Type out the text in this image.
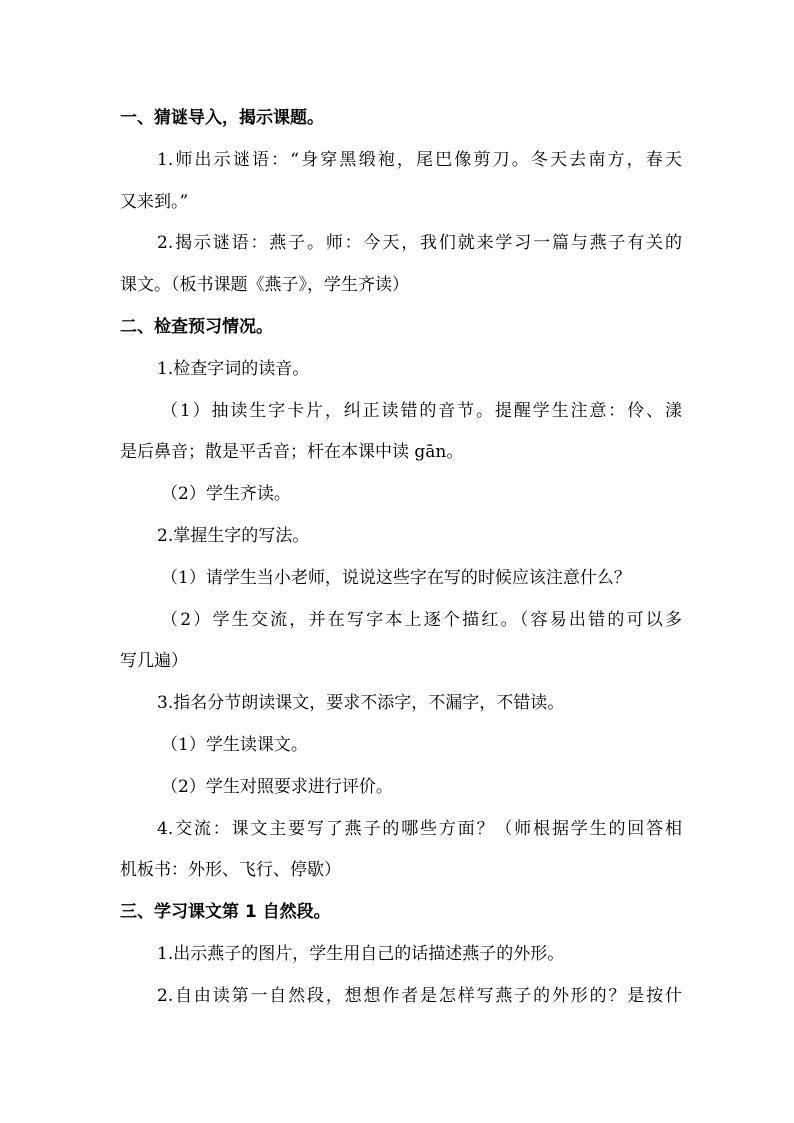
一、猜谜导入，揭示课题。
1.师出示谜语：“身穿黑缎袍，尾巴像剪刀。冬天去南方，春天
又来到。”
2.揭示谜语：燕子。师：今天，我们就来学习一篇与燕子有关的
课文。（板书课题《燕子》，学生齐读）
二、检查预习情况。
1.检查字词的读音。
（1）抽读生字卡片，纠正读错的音节。提醒学生注意：伶、漾
是后鼻音；散是平舌音；杆在本课中读 gān。
（2）学生齐读。
2.掌握生字的写法。
（1）请学生当小老师，说说这些字在写的时候应该注意什么？
（2）学生交流，并在写字本上逐个描红。（容易出错的可以多
写几遍）
3.指名分节朗读课文，要求不添字，不漏字，不错读。
（1）学生读课文。
（2）学生对照要求进行评价。
4.交流：课文主要写了燕子的哪些方面？（师根据学生的回答相
机板书：外形、飞行、停歇）
三、学习课文第 1 自然段。
1.出示燕子的图片，学生用自己的话描述燕子的外形。
2.自由读第一自然段，想想作者是怎样写燕子的外形的？是按什
